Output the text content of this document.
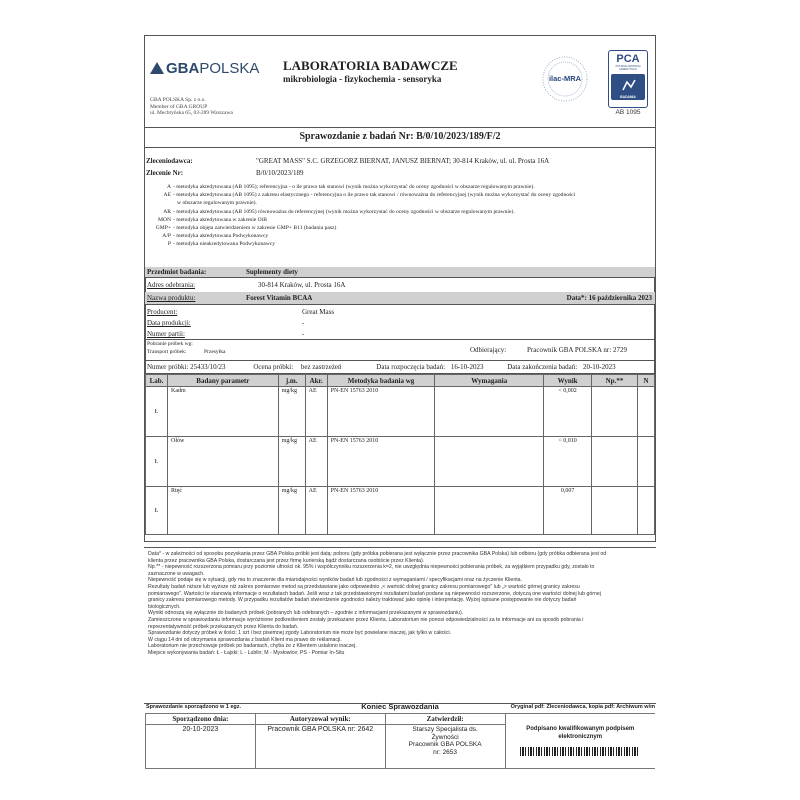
GBAPOLSKA
GBA POLSKA Sp. z o.o.
Member of GBA GROUP
ul. Mechtyńska 65, 03-289 Warszawa
LABORATORIA BADAWCZE
mikrobiologia - fizykochemia - sensoryka	ilac-MRA
PCA
POLSKIE CENTRUM AKREDYTACJI
BADANIA
AB 1095
Sprawozdanie z badań Nr: B/0/10/2023/189/F/2
Zleceniodawca:	"GREAT MASS" S.C. GRZEGORZ BIERNAT, JANUSZ BIERNAT; 30-814 Kraków, ul. ul. Prosta 16A
Zlecenie Nr:	B/0/10/2023/189
A - metodyka akredytowana (AB 1095); referencyjna - o ile prawo tak stanowi (wynik można wykorzystać do oceny zgodności w obszarze regulowanym prawnie).
AE - metodyka akredytowana (AB 1095) z zakresu elastycznego - referencyjna o ile prawo tak stanowi / równoważna do referencyjnej (wynik można wykorzystać do oceny zgodności
w obszarze regulowanym prawnie).
AR - metodyka akredytowana (AB 1095) równoważna do referencyjnej (wynik można wykorzystać do oceny zgodności w obszarze regulowanym prawnie).
MON - metodyka akredytowana w zakresie OiB
GMP+ - metodyka objęta zatwierdzeniem w zakresie GMP+ B11 (badania pasz)
A/P - metodyka akredytowana Podwykonawcy
P - metodyka nieakredytowana Podwykonawcy
Przedmiot badania:	Suplementy diety
Adres odebrania:	30-814 Kraków, ul. Prosta 16A
Nazwa produktu:	Forest Vitamin BCAA	Data*: 16 października 2023
Producent:	Great Mass
Data produkcji:	-
Numer partii:	-
Pobranie próbek wg:
Transport próbek:	Przesyłka	Odbierający:	Pracownik GBA POLSKA nr: 2729
Numer próbki: 25433/10/23	Ocena próbki: bez zastrzeżeń	Data rozpoczęcia badań: 16-10-2023	Data zakończenia badań: 20-10-2023
Lab.	Badany parametr	j.m.	Akr.	Metodyka badania wg	Wymagania	Wynik	Np.**	N
Ł	Kadm	mg/kg	AE	PN-EN 15763 2010		< 0,002		
Ł	Ołów	mg/kg	AE	PN-EN 15763 2010		< 0,010		
Ł	Rtęć	mg/kg	AE	PN-EN 15763 2010		0,007		
Data* - w zależności od sposobu pozyskania przez GBA Polska próbki jest datą: poboru (gdy próbka pobierana jest wyłącznie przez pracownika GBA Polska) lub odbioru (gdy próbka odbierana jest od
klienta przez pracownika GBA Polska, dostarczana jest przez firmę kurierską bądź dostarczana osobiście przez Klienta).
Np.** - niepewność rozszerzona pomiaru przy poziomie ufności ok. 95% i współczynniku rozszerzenia k=2, nie uwzględnia niepewności pobierania próbek, za wyjątkiem przypadku gdy, zostało to
zaznaczone w uwagach.
Niepewność podaje się w sytuacji, gdy ma to znaczenie dla miarodajności wyników badań lub zgodności z wymaganiami / specyfikacjami oraz na życzenie Klienta.
Rezultaty badań niższe lub wyższe niż zakres pomiarowe metod są przedstawiane jako odpowiednio „< wartość dolnej granicy zakresu pomiarowego" lub „> wartość górnej granicy zakresu
pomiarowego". Wartości te stanowią informacje o rezultatach badań. Jeśli wraz z tak przedstawionymi rezultatami badań podane są niepewności rozszerzone, dotyczą one wartości dolnej lub górnej
granicy zakresu pomiarowego metody. W przypadku rezultatów badań stwierdzenie zgodności należy traktować jako opinię i interpretację. Wyżej opisane postępowanie nie dotyczy badań
biologicznych.
Wyniki odnoszą się wyłącznie do badanych próbek (pobranych lub odebranych – zgodnie z informacjami przekazanymi w sprawozdaniu).
Zamieszczone w sprawozdaniu informacje wyróżnione podkreśleniem zostały przekazane przez Klienta. Laboratorium nie ponosi odpowiedzialności za te informacje ani za sposób pobrania i
reprezentatywność próbek przekazanych przez Klienta do badań.
Sprawozdanie dotyczy próbek w ilości: 1 szt i bez pisemnej zgody Laboratorium nie może być powielane inaczej, jak tylko w całości.
W ciągu 14 dni od otrzymania sprawozdania z badań Klient ma prawo do reklamacji.
Laboratorium nie przechowuje próbek po badaniach, chyba że z Klientem ustalono inaczej.
Miejsce wykonywania badań: Ł - Łajski; L - Lublin; M - Mysłowice; PS - Pomiar In-Situ
Sprawozdanie sporządzono w 1 egz.	Koniec Sprawozdania	Oryginał pdf: Zleceniodawca, kopia pdf: Archiwum w/m
Sporządzono dnia:	Autoryzował wynik:	Zatwierdził:	Podpisano kwalifikowanym podpisem elektronicznym

20-10-2023	Pracownik GBA POLSKA nr: 2642	Starszy Specjalista ds.
Żywności
Pracownik GBA POLSKA
nr: 2653	
